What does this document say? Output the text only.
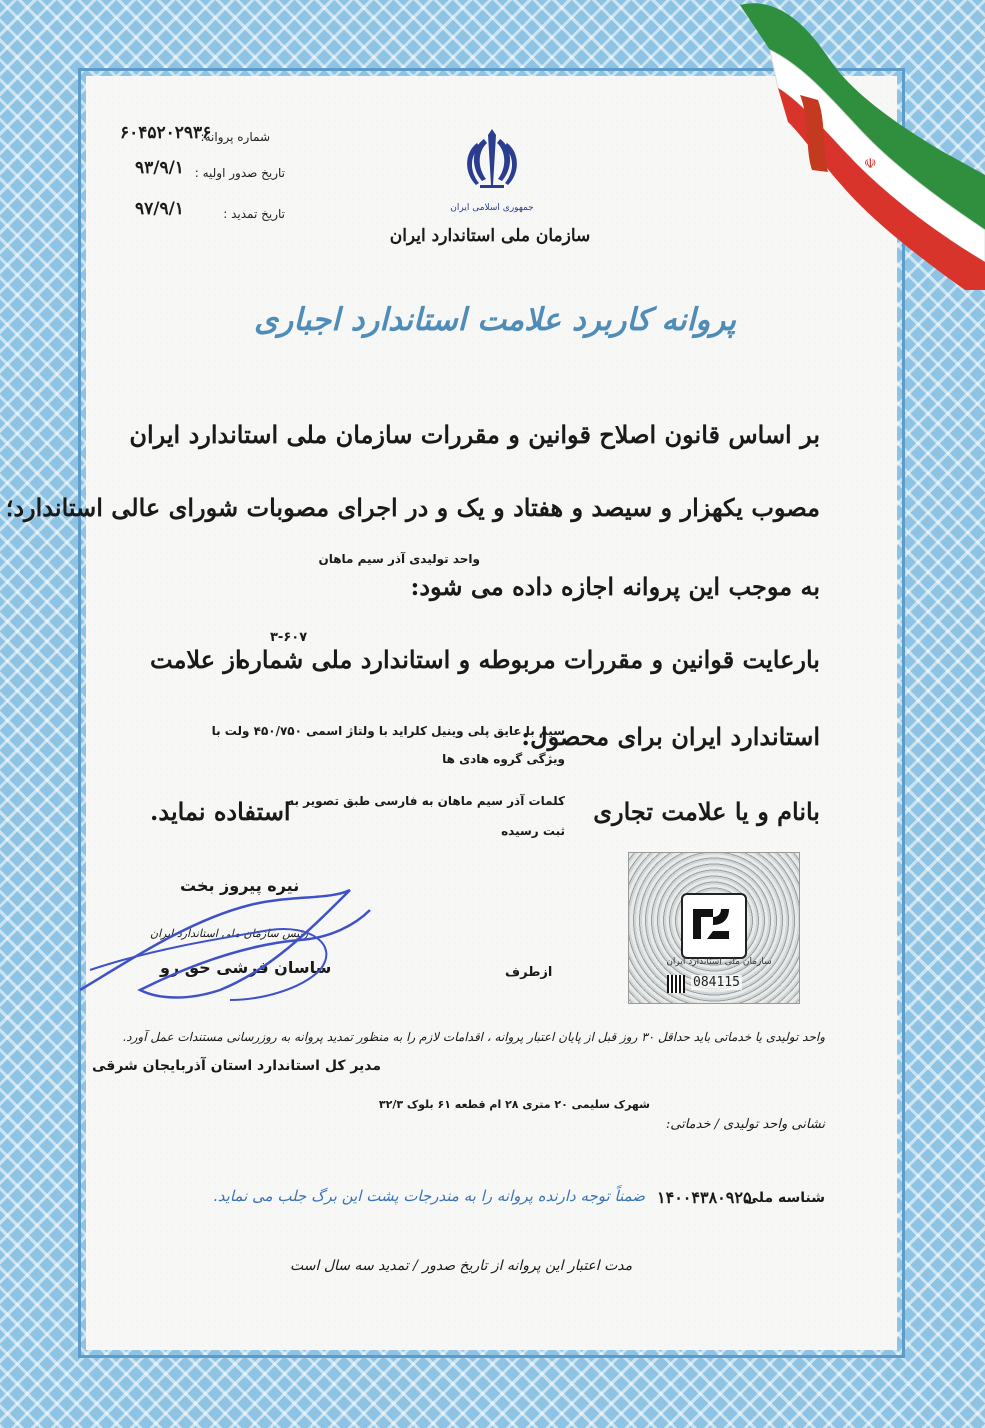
☫
شماره پروانه:
۶۰۴۵۲۰۲۹۳۶
تاریخ صدور اولیه :
۹۳/۹/۱
تاریخ تمدید :
۹۷/۹/۱	جمهوری اسلامی ایران
سازمان ملی استاندارد ایران
پروانه کاربرد علامت استاندارد اجباری
بر اساس قانون اصلاح قوانین و مقررات سازمان ملی استاندارد ایران
مصوب یکهزار و سیصد و هفتاد و یک و در اجرای مصوبات شورای عالی استاندارد؛
واحد تولیدی آذر سیم ماهان
به موجب این پروانه اجازه داده می شود:
بارعایت قوانین و مقررات مربوطه و استاندارد ملی شماره
۳-۶۰۷
از علامت
استاندارد ایران برای محصول:
سیم با عایق پلی وینیل کلراید با ولتاژ اسمی ۴۵۰/۷۵۰ ولت با
ویژگی گروه هادی ها
بانام و یا علامت تجاری
کلمات آذر سیم ماهان به فارسی طبق تصویر به
ثبت رسیده
استفاده نماید.
سازمان ملی استاندارد ایران
084115
نیره پیروز بخت
رئیس سازمان ملی استاندارد ایران
ازطرف
ساسان فرشی حق رو
واحد تولیدی یا خدماتی باید حداقل ۳۰ روز قبل از پایان اعتبار پروانه ، اقدامات لازم را به منظور تمدید پروانه به روزرسانی مستندات عمل آورد.
مدیر کل استاندارد استان آذربایجان شرقی
نشانی واحد تولیدی / خدماتی:
شهرک سلیمی ۲۰ متری ۲۸ ام قطعه ۶۱ بلوک ۳۲/۳
شناسه ملی
۱۴۰۰۴۳۸۰۹۲۵
ضمناً توجه دارنده پروانه را به مندرجات پشت این برگ جلب می نماید.
مدت اعتبار این پروانه از تاریخ صدور / تمدید سه سال است
